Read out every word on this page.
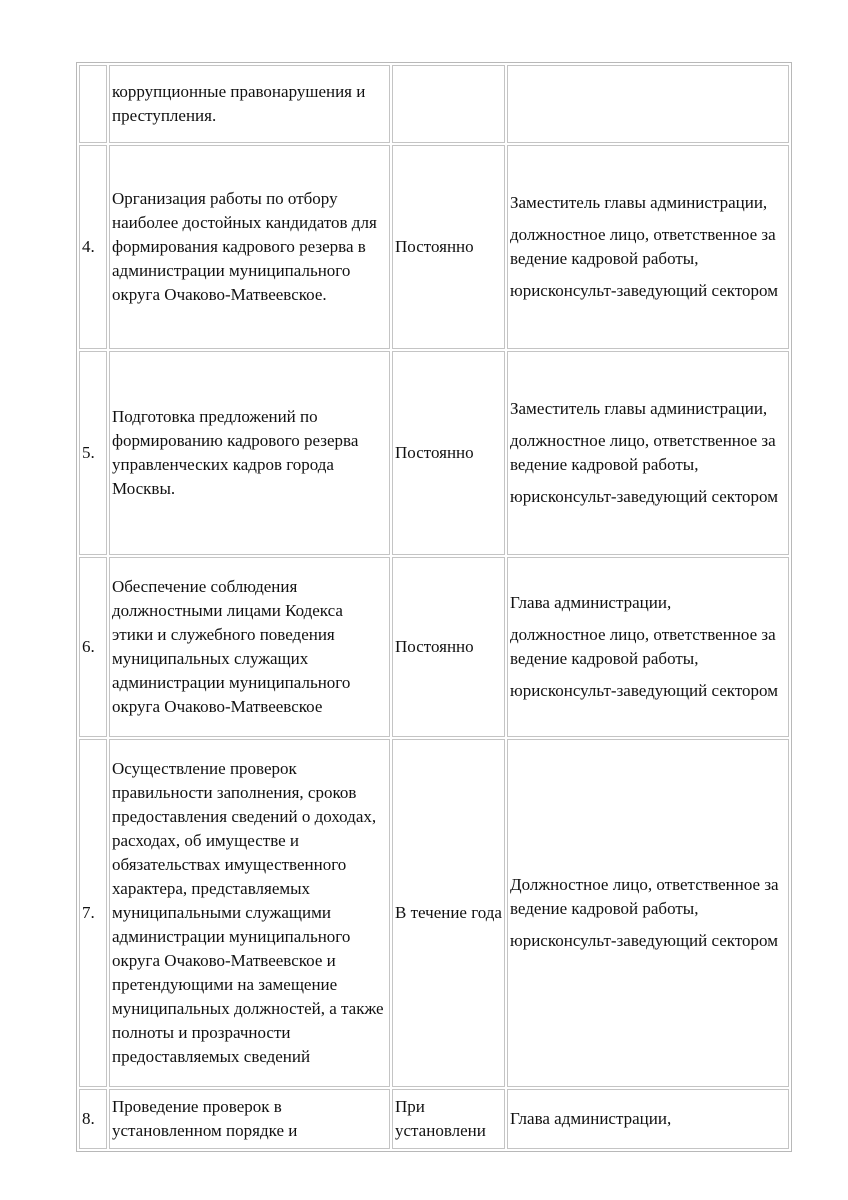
	коррупционные правонарушения и преступления.		
4.	Организация работы по отбору наиболее достойных кандидатов для формирования кадрового резерва в администрации муниципального округа Очаково-Матвеевское.	Постоянно	Заместитель главы администрации,

должностное лицо, ответственное за ведение кадровой работы,

юрисконсульт-заведующий сектором

5.	Подготовка предложений по формированию кадрового резерва управленческих кадров города Москвы.	Постоянно	Заместитель главы администрации,

должностное лицо, ответственное за ведение кадровой работы,

юрисконсульт-заведующий сектором

6.	Обеспечение соблюдения должностными лицами Кодекса этики и служебного поведения муниципальных служащих администрации муниципального округа Очаково-Матвеевское	Постоянно	Глава администрации,

должностное лицо, ответственное за ведение кадровой работы,

юрисконсульт-заведующий сектором

7.	Осуществление проверок правильности заполнения, сроков предоставления сведений о доходах, расходах, об имуществе и обязательствах имущественного характера, представляемых муниципальными служащими администрации муниципального округа Очаково-Матвеевское и претендующими на замещение муниципальных должностей, а также полноты и прозрачности предоставляемых сведений	В течение года	Должностное лицо, ответственное за ведение кадровой работы,

юрисконсульт-заведующий сектором

8.	Проведение проверок в установленном порядке и	При установлени	Глава администрации,
